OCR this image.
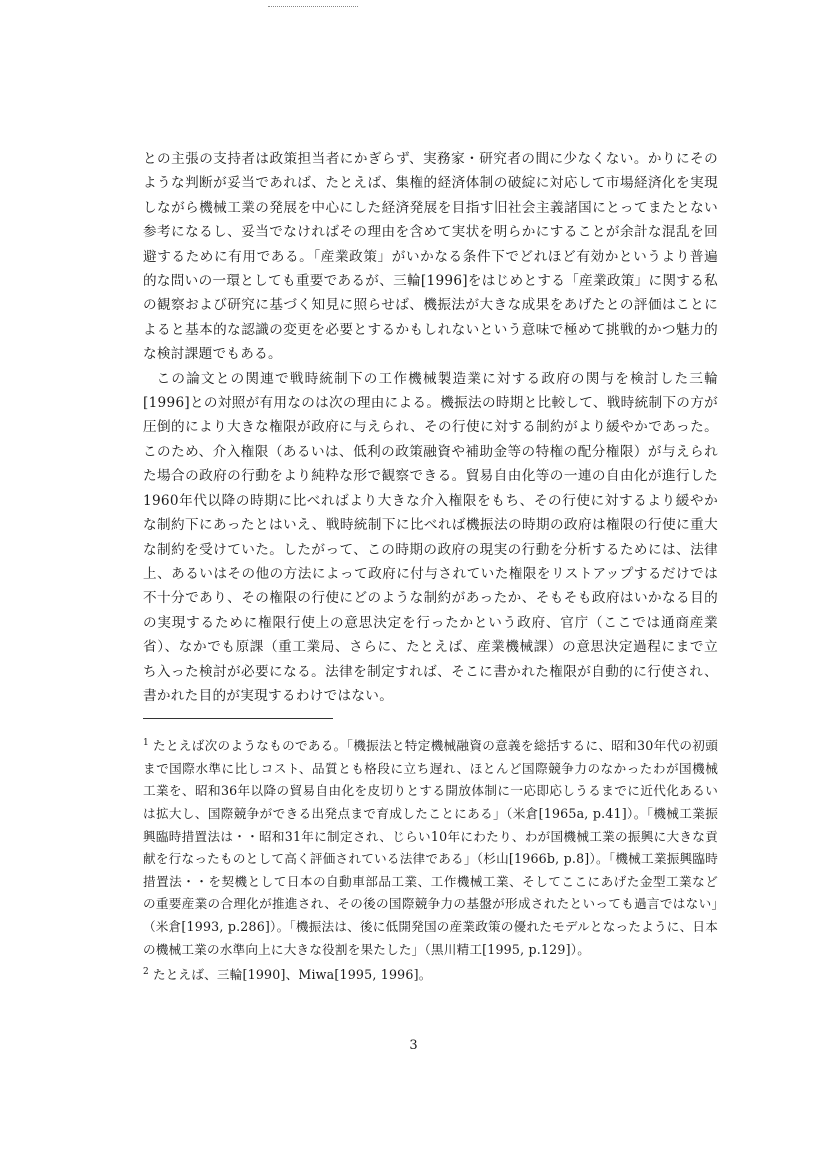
との主張の支持者は政策担当者にかぎらず、実務家・研究者の間に少なくない。かりにそのような判断が妥当であれば、たとえば、集権的経済体制の破綻に対応して市場経済化を実現しながら機械工業の発展を中心にした経済発展を目指す旧社会主義諸国にとってまたとない参考になるし、妥当でなければその理由を含めて実状を明らかにすることが余計な混乱を回避するために有用である。「産業政策」がいかなる条件下でどれほど有効かというより普遍的な問いの一環としても重要であるが、三輪[1996]をはじめとする「産業政策」に関する私の観察および研究に基づく知見に照らせば、機振法が大きな成果をあげたとの評価はことによると基本的な認識の変更を必要とするかもしれないという意味で極めて挑戦的かつ魅力的な検討課題でもある。

この論文との関連で戦時統制下の工作機械製造業に対する政府の関与を検討した三輪[1996]との対照が有用なのは次の理由による。機振法の時期と比較して、戦時統制下の方が圧倒的により大きな権限が政府に与えられ、その行使に対する制約がより緩やかであった。このため、介入権限（あるいは、低利の政策融資や補助金等の特権の配分権限）が与えられた場合の政府の行動をより純粋な形で観察できる。貿易自由化等の一連の自由化が進行した1960年代以降の時期に比べればより大きな介入権限をもち、その行使に対するより緩やかな制約下にあったとはいえ、戦時統制下に比べれば機振法の時期の政府は権限の行使に重大な制約を受けていた。したがって、この時期の政府の現実の行動を分析するためには、法律上、あるいはその他の方法によって政府に付与されていた権限をリストアップするだけでは不十分であり、その権限の行使にどのような制約があったか、そもそも政府はいかなる目的の実現するために権限行使上の意思決定を行ったかという政府、官庁（ここでは通商産業省）、なかでも原課（重工業局、さらに、たとえば、産業機械課）の意思決定過程にまで立ち入った検討が必要になる。法律を制定すれば、そこに書かれた権限が自動的に行使され、書かれた目的が実現するわけではない。

$^1$ たとえば次のようなものである。「機振法と特定機械融資の意義を総括するに、昭和30年代の初頭まで国際水準に比しコスト、品質とも格段に立ち遅れ、ほとんど国際競争力のなかったわが国機械工業を、昭和36年以降の貿易自由化を皮切りとする開放体制に一応即応しうるまでに近代化あるいは拡大し、国際競争ができる出発点まで育成したことにある」（米倉[1965a, p.41]）。「機械工業振興臨時措置法は・・昭和31年に制定され、じらい10年にわたり、わが国機械工業の振興に大きな貢献を行なったものとして高く評価されている法律である」（杉山[1966b, p.8]）。「機械工業振興臨時措置法・・を契機として日本の自動車部品工業、工作機械工業、そしてここにあげた金型工業などの重要産業の合理化が推進され、その後の国際競争力の基盤が形成されたといっても過言ではない」（米倉[1993, p.286]）。「機振法は、後に低開発国の産業政策の優れたモデルとなったように、日本の機械工業の水準向上に大きな役割を果たした」（黒川精工[1995, p.129]）。

$^2$ たとえば、三輪[1990]、Miwa[1995, 1996]。

3
